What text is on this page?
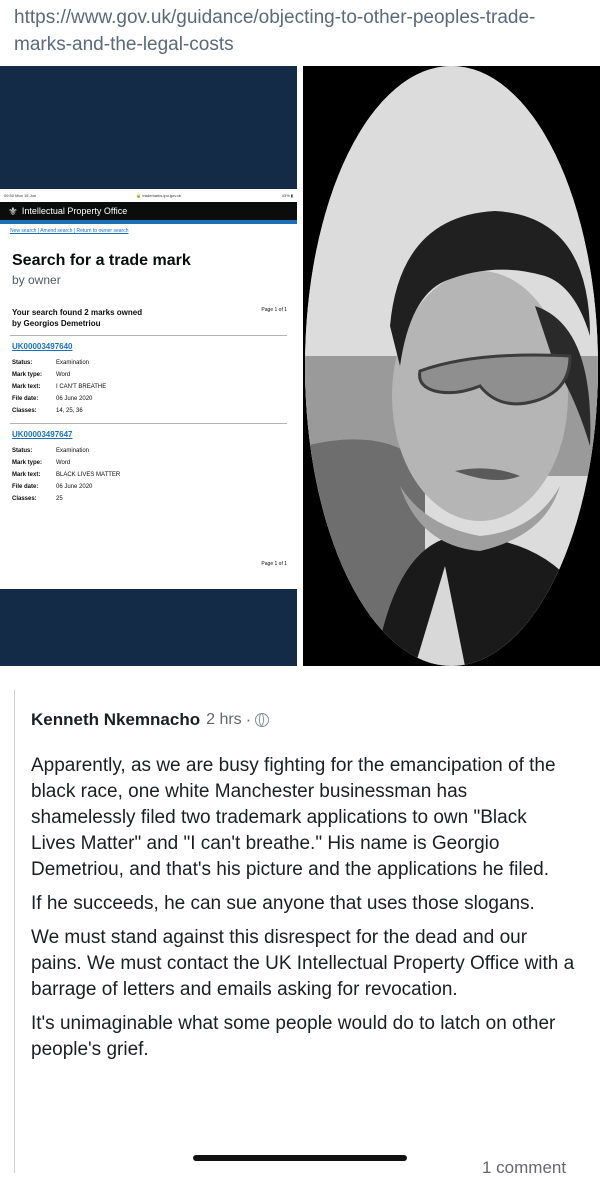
https://www.gov.uk/guidance/objecting-to-other-peoples-trade-marks-and-the-legal-costs
09:50 Mon 15 Jun	🔒 trademarks.ipo.gov.uk	43% ▮
⚜ Intellectual Property Office
New search | Amend search | Return to owner search
Search for a trade mark
by owner
Your search found 2 marks owned by Georgios Demetriou
Page 1 of 1
UK00003497640
Status:	Examination
Mark type:	Word
Mark text:	I CAN'T BREATHE
File date:	06 June 2020
Classes:	14, 25, 36
UK00003497647
Status:	Examination
Mark type:	Word
Mark text:	BLACK LIVES MATTER
File date:	06 June 2020
Classes:	25
Page 1 of 1
Kenneth Nkemnacho 2 hrs ·

Apparently, as we are busy fighting for the emancipation of the black race, one white Manchester businessman has shamelessly filed two trademark applications to own "Black Lives Matter" and "I can't breathe." His name is Georgio Demetriou, and that's his picture and the applications he filed.

If he succeeds, he can sue anyone that uses those slogans.

We must stand against this disrespect for the dead and our pains. We must contact the UK Intellectual Property Office with a barrage of letters and emails asking for revocation.

It's unimaginable what some people would do to latch on other people's grief.

1 comment
